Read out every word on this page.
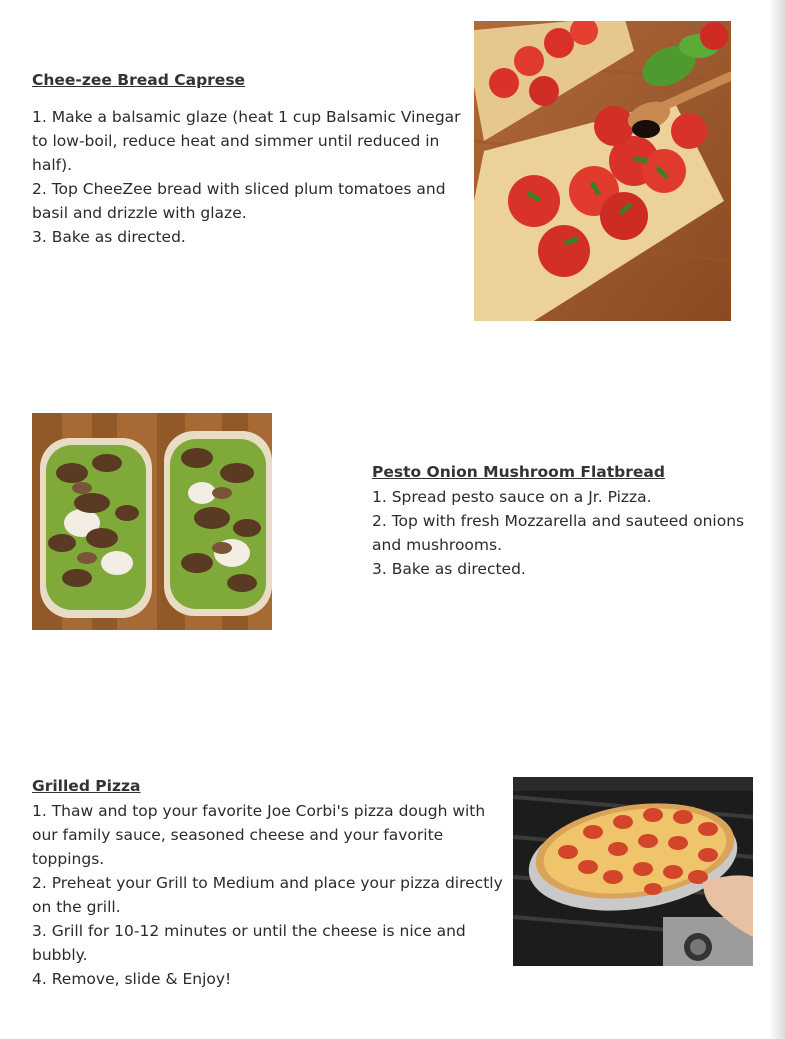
Chee-zee Bread Caprese
1. Make a balsamic glaze (heat 1 cup Balsamic Vinegar to low-boil, reduce heat and simmer until reduced in half).
2. Top CheeZee bread with sliced plum tomatoes and basil and drizzle with glaze.
3. Bake as directed.
Pesto Onion Mushroom Flatbread
1. Spread pesto sauce on a Jr. Pizza.
2. Top with fresh Mozzarella and sauteed onions and mushrooms.
3. Bake as directed.
Grilled Pizza
1. Thaw and top your favorite Joe Corbi's pizza dough with our family sauce, seasoned cheese and your favorite toppings.
2. Preheat your Grill to Medium and place your pizza directly on the grill.
3. Grill for 10-12 minutes or until the cheese is nice and bubbly.
4. Remove, slide & Enjoy!
